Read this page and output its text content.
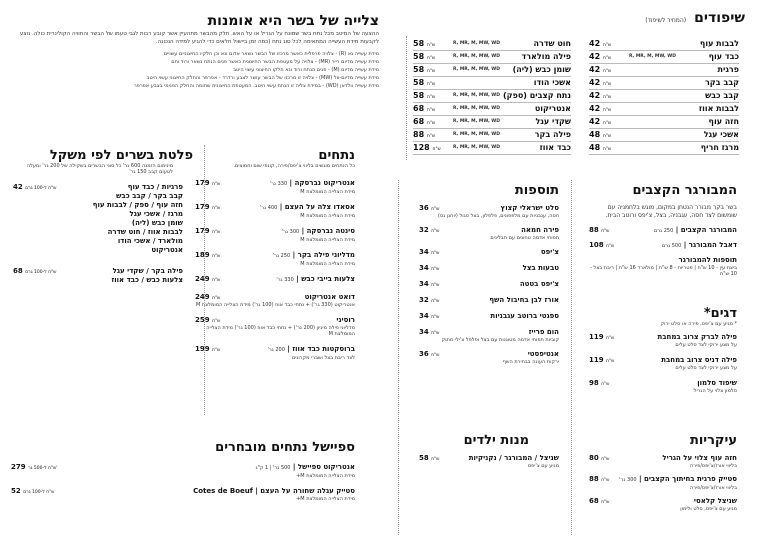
שיפודים
(המחיר לשיפוד)
לבבות עוף
42 ש"ח
כבד עוף
R, MR, M, MW, WD
42 ש"ח
פרגית
42 ש"ח
קבב בקר
42 ש"ח
קבב כבש
42 ש"ח
לבבות אווז
42 ש"ח
חזה עוף
42 ש"ח
אשכי עגל
48 ש"ח
מרגז חריף
48 ש"ח
חוט שדרה
R, MR, M, MW, WD
58 ש"ח
פילה מולארד
R, MR, M, MW, WD
58 ש"ח
שומן כבש (ליה)
R, MR, M, MW, WD
58 ש"ח
אשכי הודו
58 ש"ח
נתח קצבים (ספק)
R, MR, M, MW, WD
58 ש"ח
אנטריקוט
R, MR, M, MW, WD
68 ש"ח
שקדי עגל
R, MR, M, MW, WD
68 ש"ח
פילה בקר
R, MR, M, MW, WD
88 ש"ח
כבד אווז
R, MR, M, MW, WD
128 ש"ח
המבורגר הקצבים
בשר בקר מבורר הנטחן במקום, מוגש בלחמניה עם שומשום לצד חסה, עגבניה, בצל, צ'יפס ורוטב הבית.
המבורגר הקצבים | 250 גרם
88 ש"ח
דאבל המבורגר | 500 גרם
108 ש"ח
תוספות להמבורגר
ביצת עין - 10 ש"ח | פטריות - 8 ש"ח | מולארד 16 ש"ח | ריבת בצל - 10 ש"ח
דגים*
* מגיע עם צ'יפס, פירה או סלט ירוק
פילה לברק צרוב במחבת
119 ש"ח
על מצע ירוקי לצד סלט עלים
פילה דניס צרוב במחבת
119 ש"ח
על מצע ירוקי לצד סלט עלים
שיפוד סלמון
98 ש"ח
סלמון צלוי על הגריל
עיקריות
חזה עוף צלוי על הגריל
80 ש"ח
בליווי אורז/צ'יפס/פירה
סטייק פרגית בחיתוך הקצבים | 300 גר'
88 ש"ח
בליווי אורז/צ'יפס/פירה
שניצל קלאסי
68 ש"ח
מגיע עם צ'יפס, סלט ולימון
תוספות
סלט ישראלי קצוץ
36 ש"ח
חסה, עגבניות עם מלפפונים, פלפלון, בצל סגול (יוחנן נס)
פירה חמאה
32 ש"ח
תפוחי אדמה טחונים עם תבלינים
צ'יפס
34 ש"ח
טבעות בצל
34 ש"ח
צ'יפס בטטה
34 ש"ח
אורז לבן בחיבול השף
32 ש"ח
ספגטי ברוטב עגבניות
34 ש"ח
הום פרייז
34 ש"ח
קוביות תפוחי אדמה מטוגנות עם בצל ופלפל צ'ילי מתוק
אנטיפסטי
36 ש"ח
ירקות העונה בבחירת השף
מנות ילדים
שניצל / המבורגר / נקניקיות
58 ש"ח
מגיע עם צ'יפס
צלייה של בשר היא אומנות
ההצעה של המיטב מכל נתח בשר שמונח על הגריל או על האש. חלק מהבשר מתהעיין אשר קובע רבות לגבי טעמו של הבשר והחוויה הקולינרית כולה. נוצע לקבעות מידת העשייה המתאימה לכל סוג נתח (כמה זמן ביישול חלאים כדי להגיע למידה הנכונה.
מידת עשייה נא (R) - צלויה פרפלית כאשר מרכזו של הבשר נשאר אדום ונא וכן חלקיו החיצוניים עשויים
מידת עשייה מדיום רייר (MR) - צלויה על מעטפת הבשר החיצונית כאשר פנים הנתח נשאר ורוד וחם
מידת עשייה מדיום (M) - פנים הנתח ורוד ונא חלקו החיצוני עשוי היטב
מידת עשייה מדיום-וול (MW) - צלויה זו מרכזו של הבשר עושר לצבע ורדרד - אפרפר והחלק החיצוני עשוי היטב
מידת עשייה וולדאן (WD) - במידת צליה זו הנתח עשוי היטב. המעטפת החיצונית שחומה והחלק הפנימי בצבע אפרפר
נתחים
כל הנתחים מוגשים בליווי צ'יפס/פירה, קונפי שום וחמוצים.
אנטריקוט נברסקה | 330 גר'
179 ש"ח
מידת הצלייה המומלצת M
אסאדו צלה על העצם | 400 גר'
179 ש"ח
מידת הצלייה המומלצת M
סינטה נברסקה | 300 גר'
179 ש"ח
מידת הצלייה המומלצת M
מדליוני פילה בקר | 250 גר'
189 ש"ח
מידת הצלייה המומלצת M
צלעות בייבי כבש | 330 גר'
249 ש"ח
דואט אנטריקוט
249 ש"ח
אנטריקוט (330 גר') + נתחי כבד אווז (100 גר') מידת הצלייה המומלצת M
רוסיני
259 ש"ח
מדליוני פילה מיניון (200 גר') + נתחי כבד אווז (100 גר') מידת הצלייה המומלצת M
ברוסקטות כבד אווז | 200 גר'
199 ש"ח
לצד ריבת בצל ושברי מקרונים
פלטת בשרים לפי משקל
מינימום הזמנה 600 גר' כל סוגי הבשרים בשקילה של 200 גר' ומעלה לטעום קבב 150 גר'
42 ש"ח ל-100 גרם	פרגיות / כבד עוף
קבב בקר / קבב כבש
חזה עוף / ספק / לבבות עוף
מרגז / אשכי עגל
שומן כבש (ליה)
לבבות אווז / חוט שדרה
מולארד / אשכי הודו
אנטריקוט
68 ש"ח ל-100 גרם	פילה בקר / שקדי עגל
צלעות כבש / כבד אווז
ספיישל נתחים מובחרים
אנטריקוט ספיישל | 500 גר' | 1 ק"ג
279 ש"ח ל-500 גר'
מידת הצלייה המומלצת M+
סטייק עגלה שחורה על העצם | Cotes de Boeuf
52 ש"ח ל-100 גרם
מידת הצלייה המומלצת M+
